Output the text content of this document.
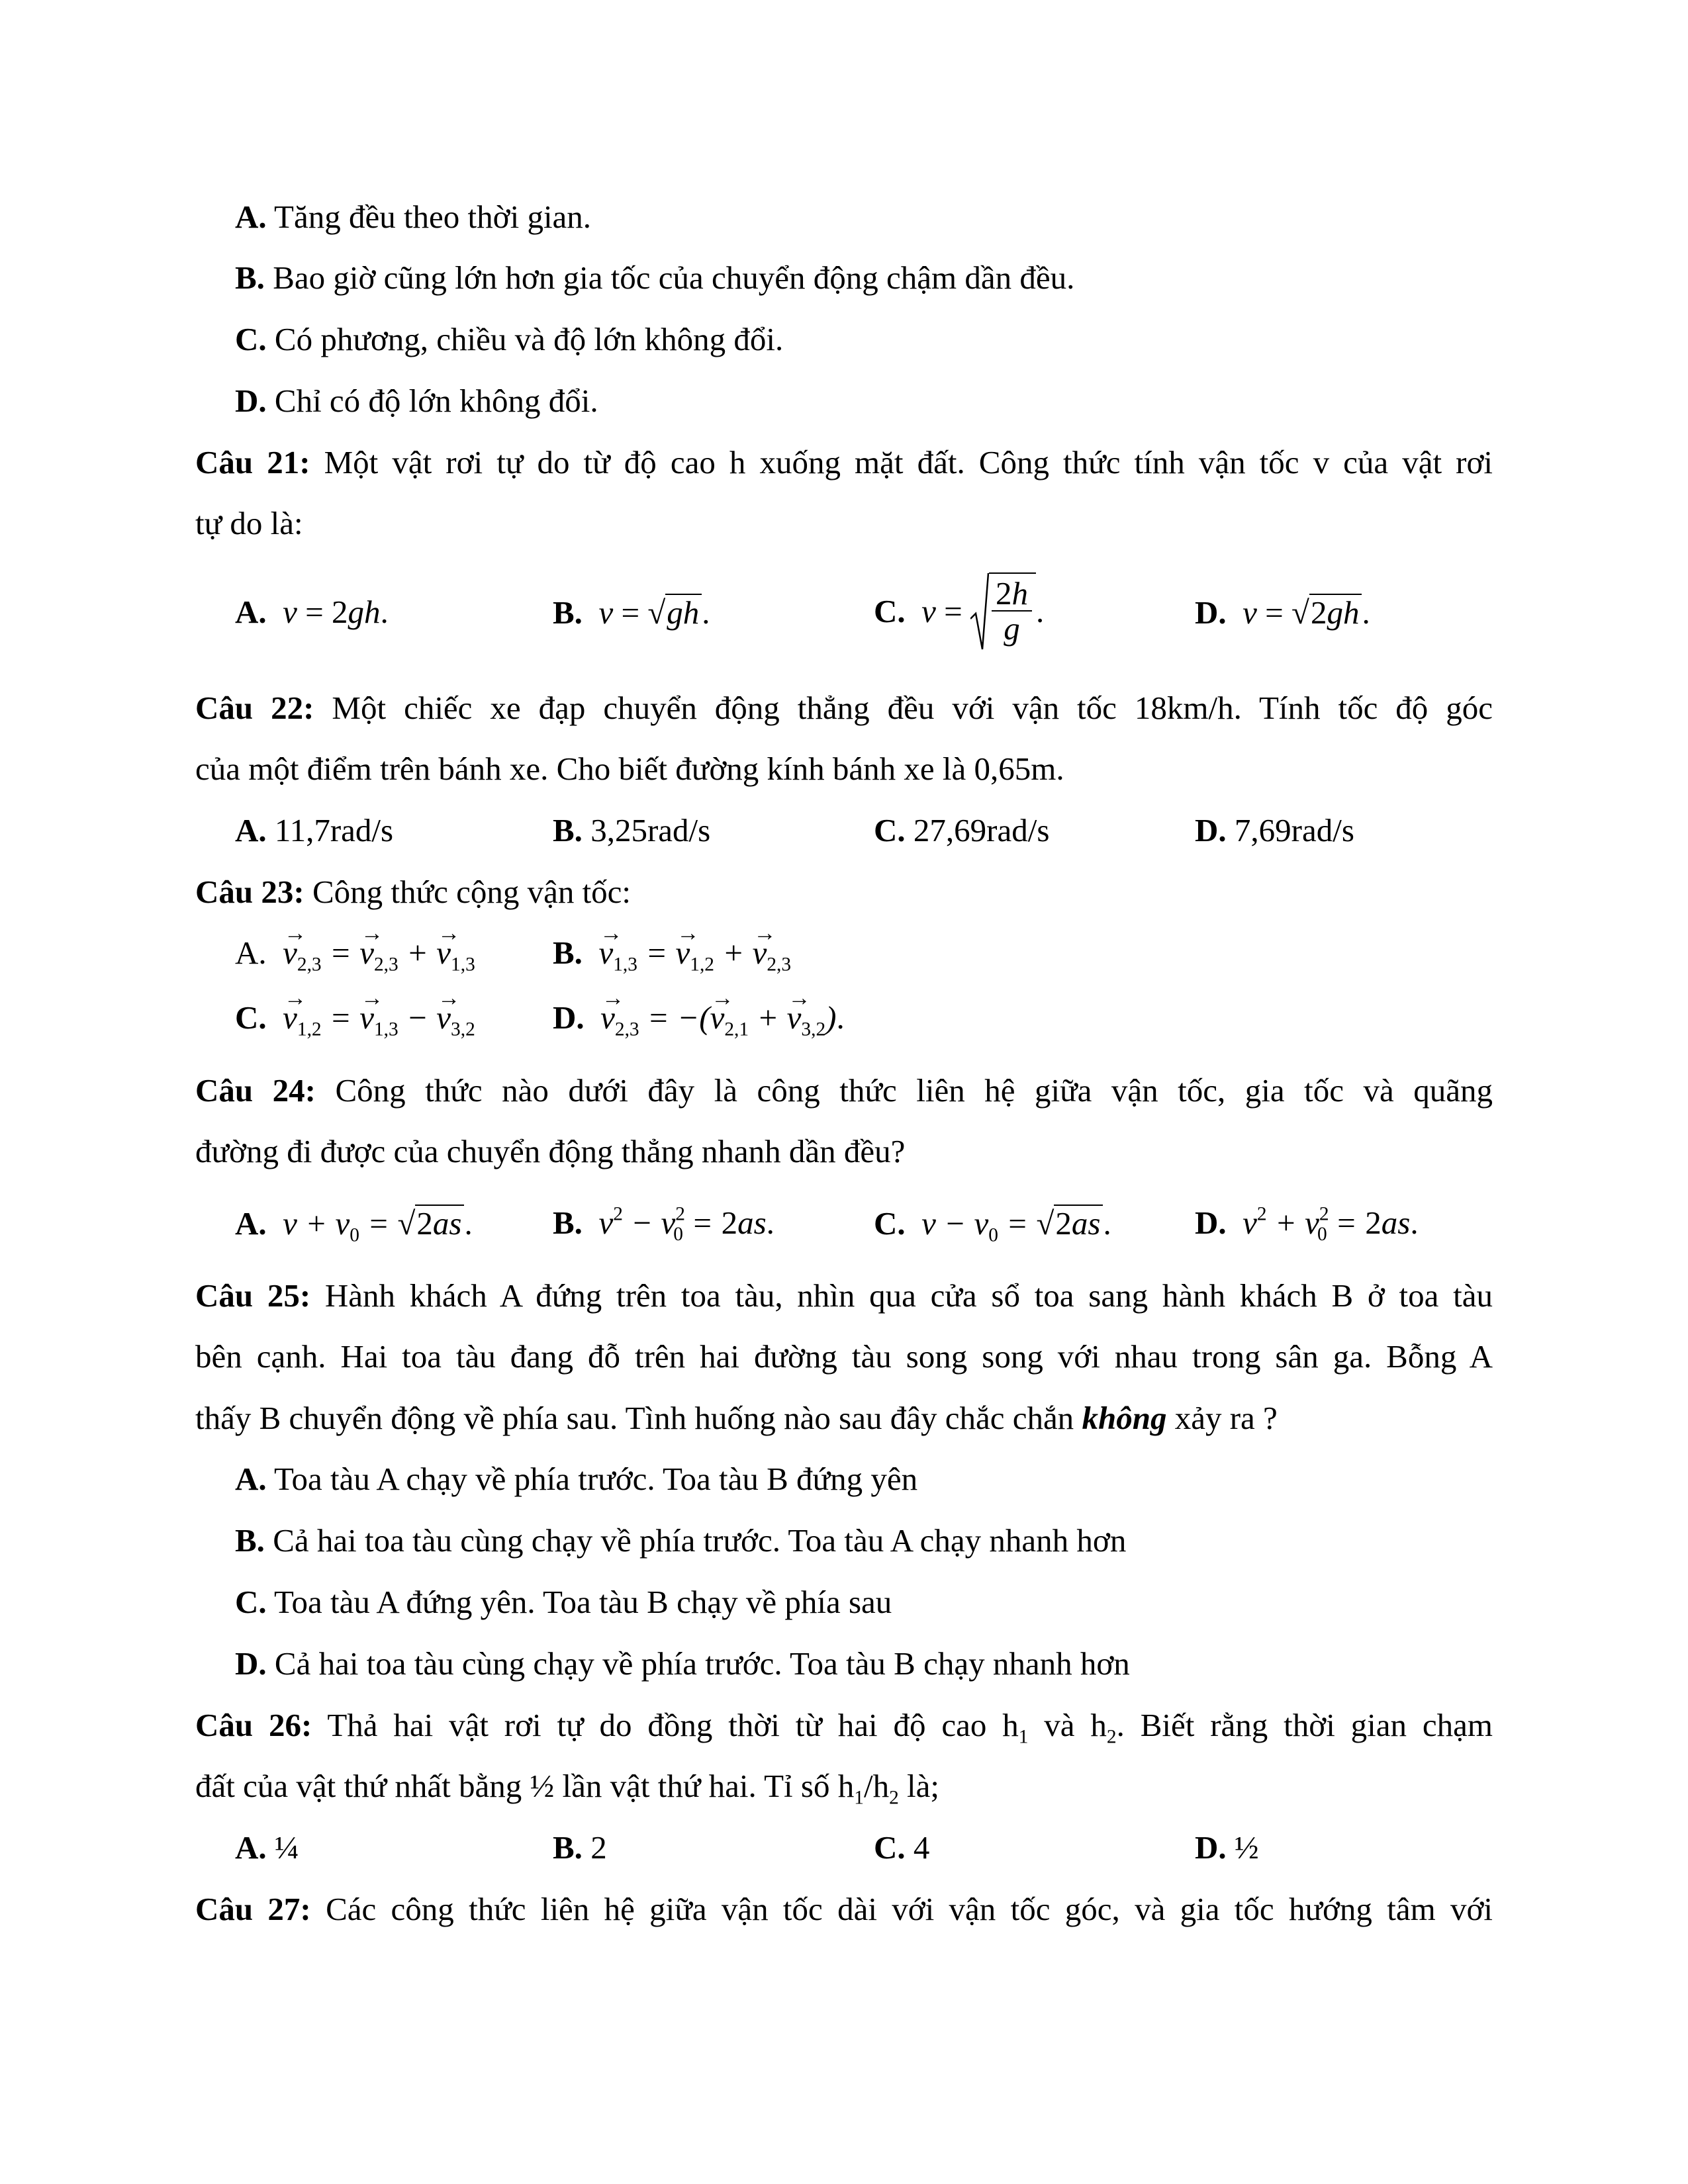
A. Tăng đều theo thời gian.
B. Bao giờ cũng lớn hơn gia tốc của chuyển động chậm dần đều.
C. Có phương, chiều và độ lớn không đổi.
D. Chỉ có độ lớn không đổi.
Câu 21: Một vật rơi tự do từ độ cao h xuống mặt đất. Công thức tính vận tốc v của vật rơi
tự do là:
A. v = 2gh.	B. v = √gh.	C. $v = \frac{2h}{g}$ .	D. v = √2gh.
Câu 22: Một chiếc xe đạp chuyển động thẳng đều với vận tốc 18km/h. Tính tốc độ góc
của một điểm trên bánh xe. Cho biết đường kính bánh xe là 0,65m.
A. 11,7rad/s	B. 3,25rad/s	C. 27,69rad/s	D. 7,69rad/s
Câu 23: Công thức cộng vận tốc:
A. → $v_{2,3}$ = → $v_{2,3}$ + → $v_{1,3}$ B. → $v_{1,3}$ = → $v_{1,2}$ + → $v_{2,3}$
C. → $v_{1,2}$ = → $v_{1,3}$ − → $v_{3,2}$ D. → $v_{2,3}$ = −(→ $v_{2,1}$ + → $v_{3,2}$).
Câu 24: Công thức nào dưới đây là công thức liên hệ giữa vận tốc, gia tốc và quãng
đường đi được của chuyển động thẳng nhanh dần đều?
A. $v + v_0 = √2as$. B. $v^2 - v^2_0 = 2as$.	C. $v - v_0 = √2as$.	D. $v^2 + v^2_0 = 2as$.
Câu 25: Hành khách A đứng trên toa tàu, nhìn qua cửa sổ toa sang hành khách B ở toa tàu
bên cạnh. Hai toa tàu đang đỗ trên hai đường tàu song song với nhau trong sân ga. Bỗng A
thấy B chuyển động về phía sau. Tình huống nào sau đây chắc chắn không xảy ra ?
A. Toa tàu A chạy về phía trước. Toa tàu B đứng yên
B. Cả hai toa tàu cùng chạy về phía trước. Toa tàu A chạy nhanh hơn
C. Toa tàu A đứng yên. Toa tàu B chạy về phía sau
D. Cả hai toa tàu cùng chạy về phía trước. Toa tàu B chạy nhanh hơn
Câu 26: Thả hai vật rơi tự do đồng thời từ hai độ cao $h_1$ và $h_2$. Biết rằng thời gian chạm
đất của vật thứ nhất bằng ½ lần vật thứ hai. Tỉ số $h_1/h_2$ là;
A. ¼	B. 2	C. 4	D. ½
Câu 27: Các công thức liên hệ giữa vận tốc dài với vận tốc góc, và gia tốc hướng tâm với
